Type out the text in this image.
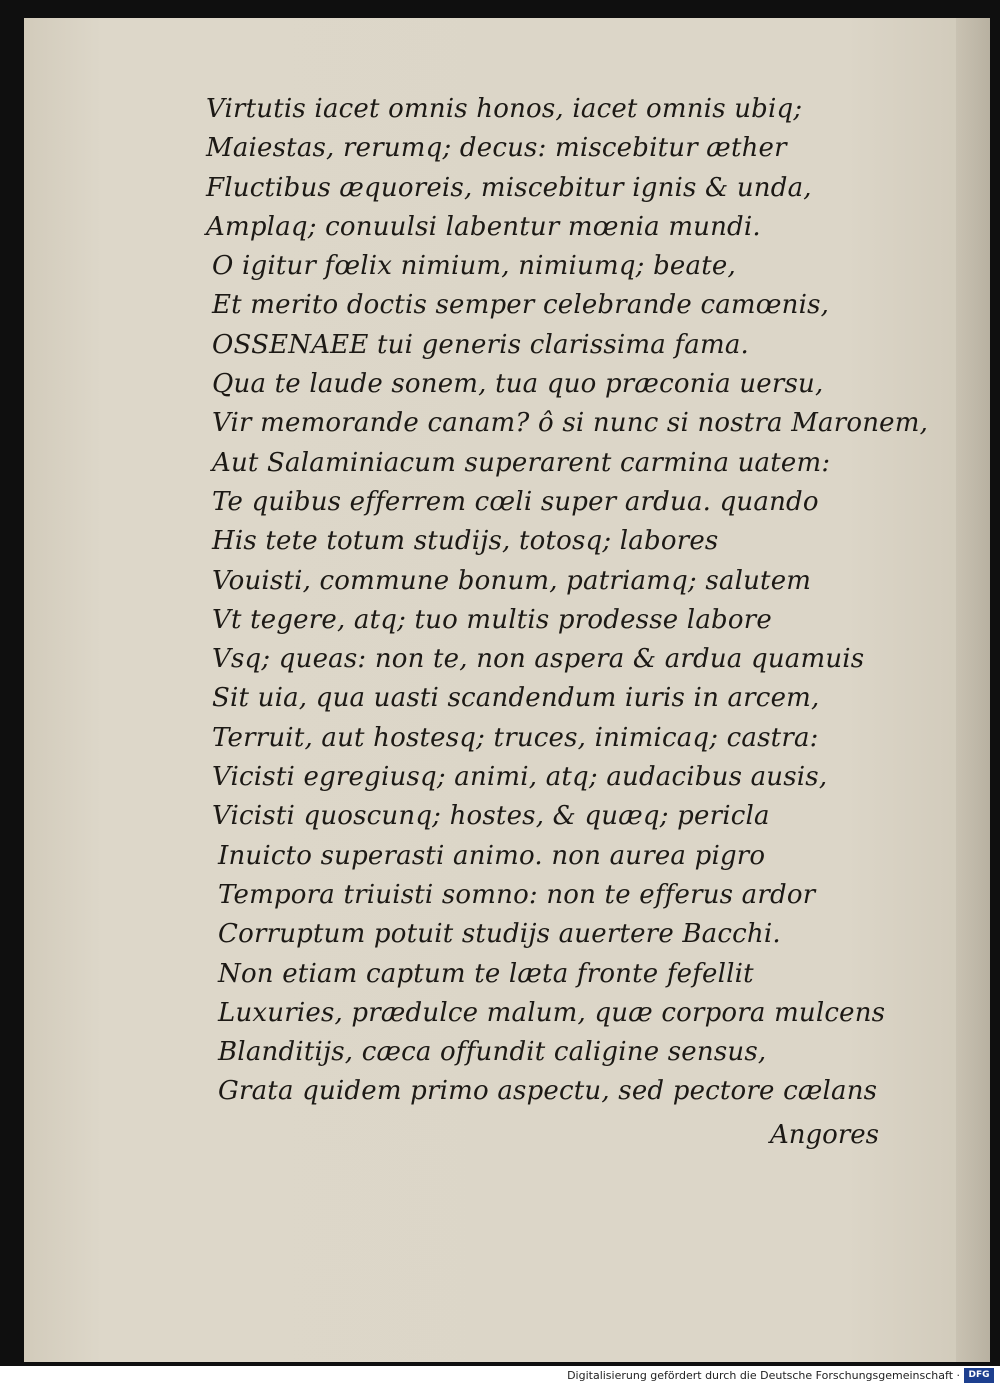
Virtutis iacet omnis honos, iacet omnis ubiq;
Maiestas, rerumq; decus: miscebitur æther
Fluctibus æquoreis, miscebitur ignis & unda,
Amplaq; conuulsi labentur mœnia mundi.
O igitur fœlix nimium, nimiumq; beate,
Et merito doctis semper celebrande camœnis,
OSSENAEE tui generis clarissima fama.
Qua te laude sonem, tua quo præconia uersu,
Vir memorande canam? ô si nunc si nostra Maronem,
Aut Salaminiacum superarent carmina uatem:
Te quibus efferrem cœli super ardua. quando
His tete totum studijs, totosq; labores
Vouisti, commune bonum, patriamq; salutem
Vt tegere, atq; tuo multis prodesse labore
Vsq; queas: non te, non aspera & ardua quamuis
Sit uia, qua uasti scandendum iuris in arcem,
Terruit, aut hostesq; truces, inimicaq; castra:
Vicisti egregiusq; animi, atq; audacibus ausis,
Vicisti quoscunq; hostes, & quæq; pericla
Inuicto superasti animo. non aurea pigro
Tempora triuisti somno: non te efferus ardor
Corruptum potuit studijs auertere Bacchi.
Non etiam captum te læta fronte fefellit
Luxuries, prædulce malum, quæ corpora mulcens
Blanditijs, cæca offundit caligine sensus,
Grata quidem primo aspectu, sed pectore cælans
Angores
Digitalisierung gefördert durch die Deutsche Forschungsgemeinschaft · DFG
